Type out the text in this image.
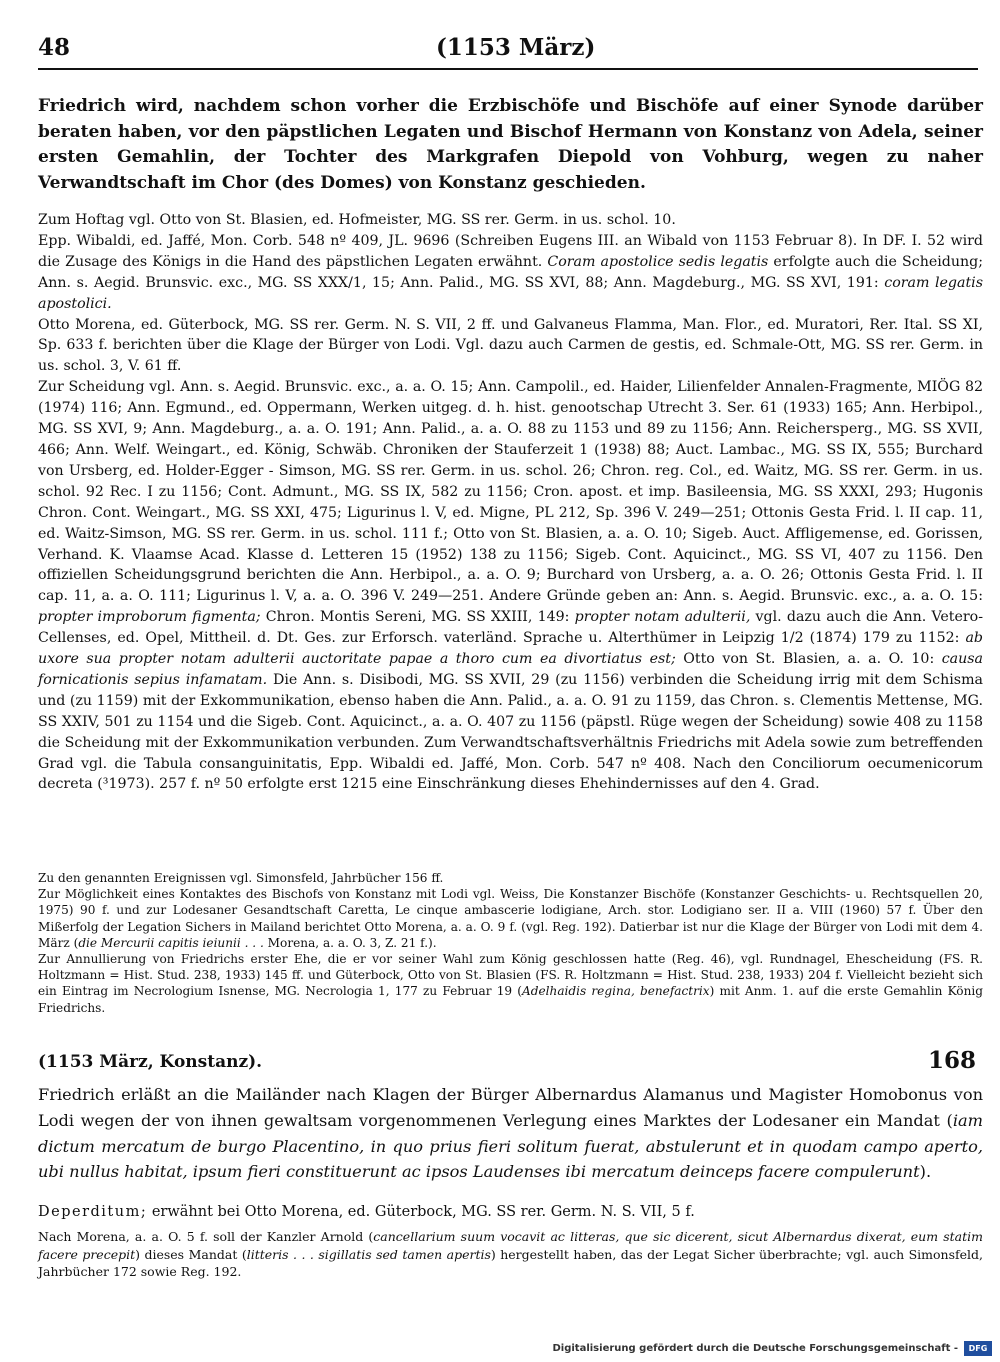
48	(1153 März)
Friedrich wird, nachdem schon vorher die Erzbischöfe und Bischöfe auf einer Synode darüber beraten haben, vor den päpstlichen Legaten und Bischof Hermann von Konstanz von Adela, seiner ersten Gemahlin, der Tochter des Markgrafen Diepold von Vohburg, wegen zu naher Verwandtschaft im Chor (des Domes) von Konstanz geschieden.

Zum Hoftag vgl. Otto von St. Blasien, ed. Hofmeister, MG. SS rer. Germ. in us. schol. 10.

Epp. Wibaldi, ed. Jaffé, Mon. Corb. 548 nº 409, JL. 9696 (Schreiben Eugens III. an Wibald von 1153 Februar 8). In DF. I. 52 wird die Zusage des Königs in die Hand des päpstlichen Legaten erwähnt. Coram apostolice sedis legatis erfolgte auch die Scheidung; Ann. s. Aegid. Brunsvic. exc., MG. SS XXX/1, 15; Ann. Palid., MG. SS XVI, 88; Ann. Magdeburg., MG. SS XVI, 191: coram legatis apostolici.

Otto Morena, ed. Güterbock, MG. SS rer. Germ. N. S. VII, 2 ff. und Galvaneus Flamma, Man. Flor., ed. Muratori, Rer. Ital. SS XI, Sp. 633 f. berichten über die Klage der Bürger von Lodi. Vgl. dazu auch Carmen de gestis, ed. Schmale-Ott, MG. SS rer. Germ. in us. schol. 3, V. 61 ff.

Zur Scheidung vgl. Ann. s. Aegid. Brunsvic. exc., a. a. O. 15; Ann. Campolil., ed. Haider, Lilienfelder Annalen-Fragmente, MIÖG 82 (1974) 116; Ann. Egmund., ed. Oppermann, Werken uitgeg. d. h. hist. genootschap Utrecht 3. Ser. 61 (1933) 165; Ann. Herbipol., MG. SS XVI, 9; Ann. Magdeburg., a. a. O. 191; Ann. Palid., a. a. O. 88 zu 1153 und 89 zu 1156; Ann. Reichersperg., MG. SS XVII, 466; Ann. Welf. Weingart., ed. König, Schwäb. Chroniken der Stauferzeit 1 (1938) 88; Auct. Lambac., MG. SS IX, 555; Burchard von Ursberg, ed. Holder-Egger - Simson, MG. SS rer. Germ. in us. schol. 26; Chron. reg. Col., ed. Waitz, MG. SS rer. Germ. in us. schol. 92 Rec. I zu 1156; Cont. Admunt., MG. SS IX, 582 zu 1156; Cron. apost. et imp. Basileensia, MG. SS XXXI, 293; Hugonis Chron. Cont. Weingart., MG. SS XXI, 475; Ligurinus l. V, ed. Migne, PL 212, Sp. 396 V. 249—251; Ottonis Gesta Frid. l. II cap. 11, ed. Waitz-Simson, MG. SS rer. Germ. in us. schol. 111 f.; Otto von St. Blasien, a. a. O. 10; Sigeb. Auct. Affligemense, ed. Gorissen, Verhand. K. Vlaamse Acad. Klasse d. Letteren 15 (1952) 138 zu 1156; Sigeb. Cont. Aquicinct., MG. SS VI, 407 zu 1156. Den offiziellen Scheidungsgrund berichten die Ann. Herbipol., a. a. O. 9; Burchard von Ursberg, a. a. O. 26; Ottonis Gesta Frid. l. II cap. 11, a. a. O. 111; Ligurinus l. V, a. a. O. 396 V. 249—251. Andere Gründe geben an: Ann. s. Aegid. Brunsvic. exc., a. a. O. 15: propter improborum figmenta; Chron. Montis Sereni, MG. SS XXIII, 149: propter notam adulterii, vgl. dazu auch die Ann. Vetero-Cellenses, ed. Opel, Mittheil. d. Dt. Ges. zur Erforsch. vaterländ. Sprache u. Alterthümer in Leipzig 1/2 (1874) 179 zu 1152: ab uxore sua propter notam adulterii auctoritate papae a thoro cum ea divortiatus est; Otto von St. Blasien, a. a. O. 10: causa fornicationis sepius infamatam. Die Ann. s. Disibodi, MG. SS XVII, 29 (zu 1156) verbinden die Scheidung irrig mit dem Schisma und (zu 1159) mit der Exkommunikation, ebenso haben die Ann. Palid., a. a. O. 91 zu 1159, das Chron. s. Clementis Mettense, MG. SS XXIV, 501 zu 1154 und die Sigeb. Cont. Aquicinct., a. a. O. 407 zu 1156 (päpstl. Rüge wegen der Scheidung) sowie 408 zu 1158 die Scheidung mit der Exkommunikation verbunden. Zum Verwandtschaftsverhältnis Friedrichs mit Adela sowie zum betreffenden Grad vgl. die Tabula consanguinitatis, Epp. Wibaldi ed. Jaffé, Mon. Corb. 547 nº 408. Nach den Conciliorum oecumenicorum decreta (³1973). 257 f. nº 50 erfolgte erst 1215 eine Einschränkung dieses Ehehindernisses auf den 4. Grad.

Zu den genannten Ereignissen vgl. Simonsfeld, Jahrbücher 156 ff.

Zur Möglichkeit eines Kontaktes des Bischofs von Konstanz mit Lodi vgl. Weiss, Die Konstanzer Bischöfe (Konstanzer Geschichts- u. Rechtsquellen 20, 1975) 90 f. und zur Lodesaner Gesandtschaft Caretta, Le cinque ambascerie lodigiane, Arch. stor. Lodigiano ser. II a. VIII (1960) 57 f. Über den Mißerfolg der Legation Sichers in Mailand berichtet Otto Morena, a. a. O. 9 f. (vgl. Reg. 192). Datierbar ist nur die Klage der Bürger von Lodi mit dem 4. März (die Mercurii capitis ieiunii . . . Morena, a. a. O. 3, Z. 21 f.).

Zur Annullierung von Friedrichs erster Ehe, die er vor seiner Wahl zum König geschlossen hatte (Reg. 46), vgl. Rundnagel, Ehescheidung (FS. R. Holtzmann = Hist. Stud. 238, 1933) 145 ff. und Güterbock, Otto von St. Blasien (FS. R. Holtzmann = Hist. Stud. 238, 1933) 204 f. Vielleicht bezieht sich ein Eintrag im Necrologium Isnense, MG. Necrologia 1, 177 zu Februar 19 (Adelhaidis regina, benefactrix) mit Anm. 1. auf die erste Gemahlin König Friedrichs.

(1153 März, Konstanz).	168
Friedrich erläßt an die Mailänder nach Klagen der Bürger Albernardus Alamanus und Magister Homobonus von Lodi wegen der von ihnen gewaltsam vorgenommenen Verlegung eines Marktes der Lodesaner ein Mandat (iam dictum mercatum de burgo Placentino, in quo prius fieri solitum fuerat, abstulerunt et in quodam campo aperto, ubi nullus habitat, ipsum fieri constituerunt ac ipsos Laudenses ibi mercatum deinceps facere compulerunt).
Deperditum; erwähnt bei Otto Morena, ed. Güterbock, MG. SS rer. Germ. N. S. VII, 5 f.
Nach Morena, a. a. O. 5 f. soll der Kanzler Arnold (cancellarium suum vocavit ac litteras, que sic dicerent, sicut Albernardus dixerat, eum statim facere precepit) dieses Mandat (litteris . . . sigillatis sed tamen apertis) hergestellt haben, das der Legat Sicher überbrachte; vgl. auch Simonsfeld, Jahrbücher 172 sowie Reg. 192.
Digitalisierung gefördert durch die Deutsche Forschungsgemeinschaft -	DFG
